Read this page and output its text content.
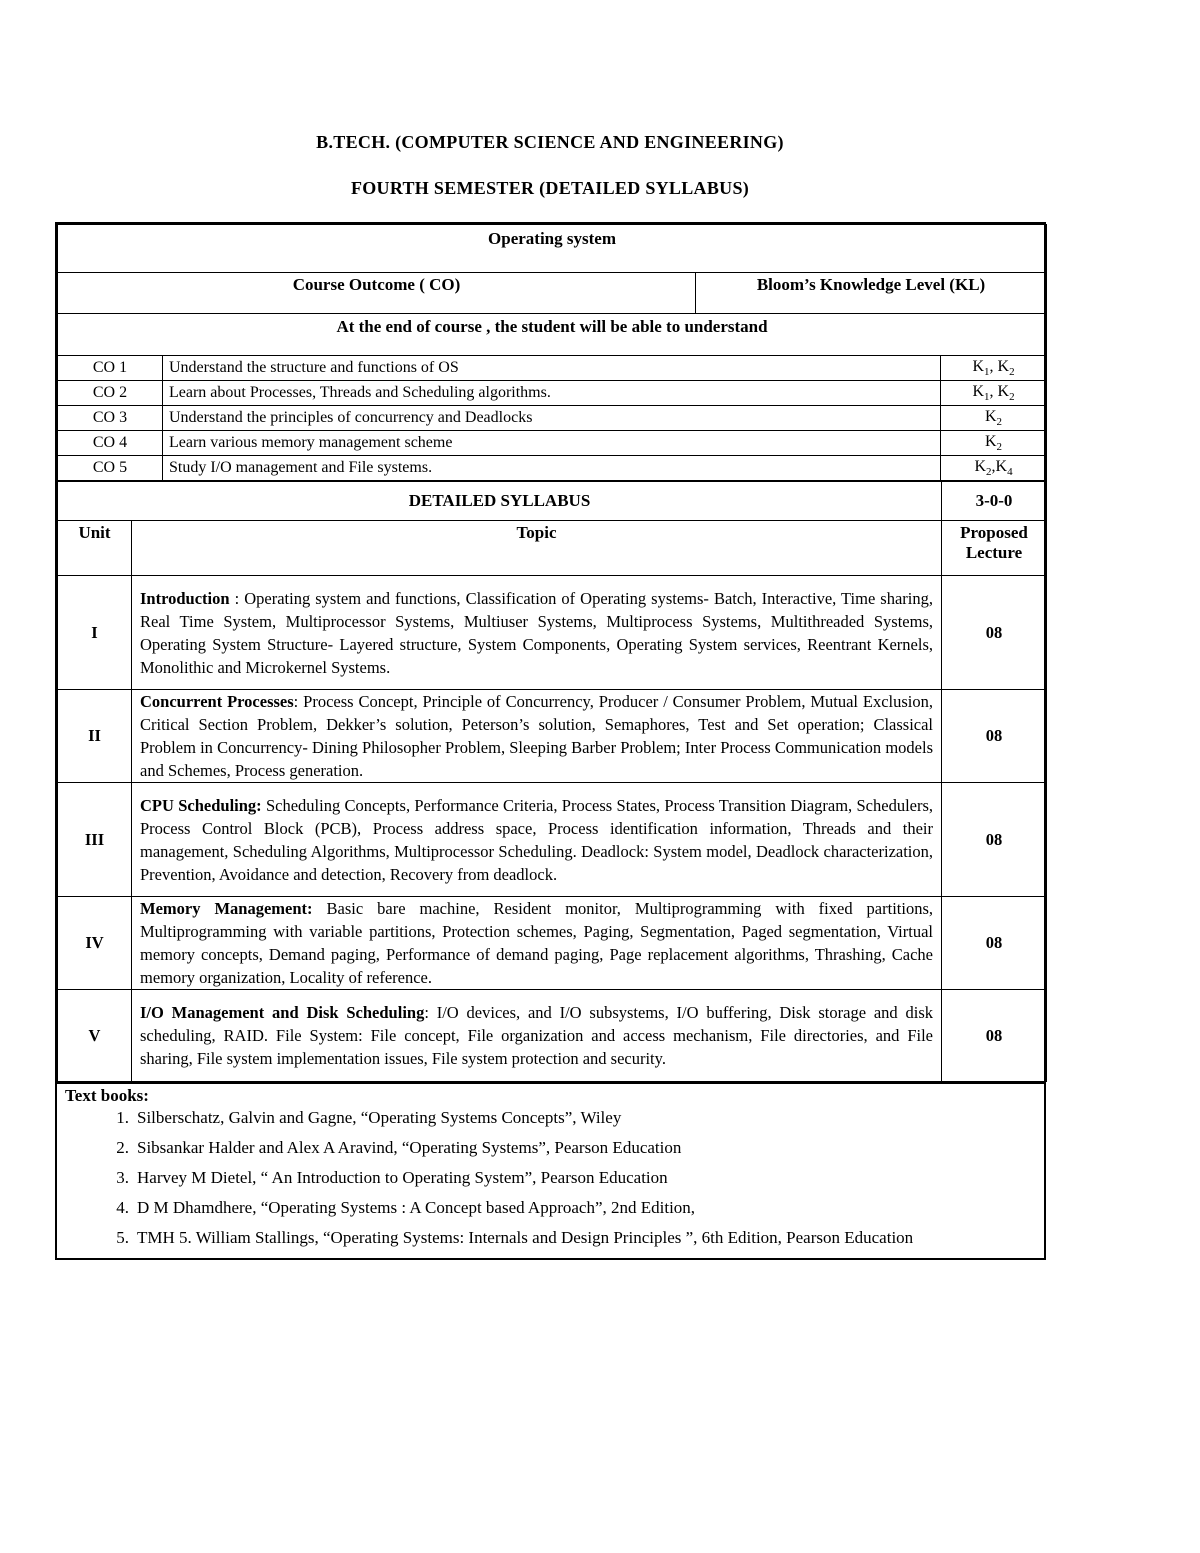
B.TECH. (COMPUTER SCIENCE AND ENGINEERING)
FOURTH SEMESTER (DETAILED SYLLABUS)
Operating system			
Course Outcome ( CO)		Bloom’s Knowledge Level (KL)	
At the end of course , the student will be able to understand			
CO 1	Understand the structure and functions of OS		$K_1$, $K_2$
CO 2	Learn about Processes, Threads and Scheduling algorithms.		$K_1$, $K_2$
CO 3	Understand the principles of concurrency and Deadlocks		$K_2$
CO 4	Learn various memory management scheme		$K_2$
CO 5	Study I/O management and File systems.		$K_2,K_4$
DETAILED SYLLABUS		3-0-0
Unit	Topic	Proposed Lecture
I	Introduction : Operating system and functions, Classification of Operating systems- Batch, Interactive, Time sharing, Real Time System, Multiprocessor Systems, Multiuser Systems, Multiprocess Systems, Multithreaded Systems, Operating System Structure- Layered structure, System Components, Operating System services, Reentrant Kernels, Monolithic and Microkernel Systems.	08
II	Concurrent Processes: Process Concept, Principle of Concurrency, Producer / Consumer Problem, Mutual Exclusion, Critical Section Problem, Dekker’s solution, Peterson’s solution, Semaphores, Test and Set operation; Classical Problem in Concurrency- Dining Philosopher Problem, Sleeping Barber Problem; Inter Process Communication models and Schemes, Process generation.	08
III	CPU Scheduling: Scheduling Concepts, Performance Criteria, Process States, Process Transition Diagram, Schedulers, Process Control Block (PCB), Process address space, Process identification information, Threads and their management, Scheduling Algorithms, Multiprocessor Scheduling. Deadlock: System model, Deadlock characterization, Prevention, Avoidance and detection, Recovery from deadlock.	08
IV	Memory Management: Basic bare machine, Resident monitor, Multiprogramming with fixed partitions, Multiprogramming with variable partitions, Protection schemes, Paging, Segmentation, Paged segmentation, Virtual memory concepts, Demand paging, Performance of demand paging, Page replacement algorithms, Thrashing, Cache memory organization, Locality of reference.	08
V	I/O Management and Disk Scheduling: I/O devices, and I/O subsystems, I/O buffering, Disk storage and disk scheduling, RAID. File System: File concept, File organization and access mechanism, File directories, and File sharing, File system implementation issues, File system protection and security.	08
Text books:
1. Silberschatz, Galvin and Gagne, “Operating Systems Concepts”, Wiley
2. Sibsankar Halder and Alex A Aravind, “Operating Systems”, Pearson Education
3. Harvey M Dietel, “ An Introduction to Operating System”, Pearson Education
4. D M Dhamdhere, “Operating Systems : A Concept based Approach”, 2nd Edition,
5. TMH 5. William Stallings, “Operating Systems: Internals and Design Principles ”, 6th Edition, Pearson Education
